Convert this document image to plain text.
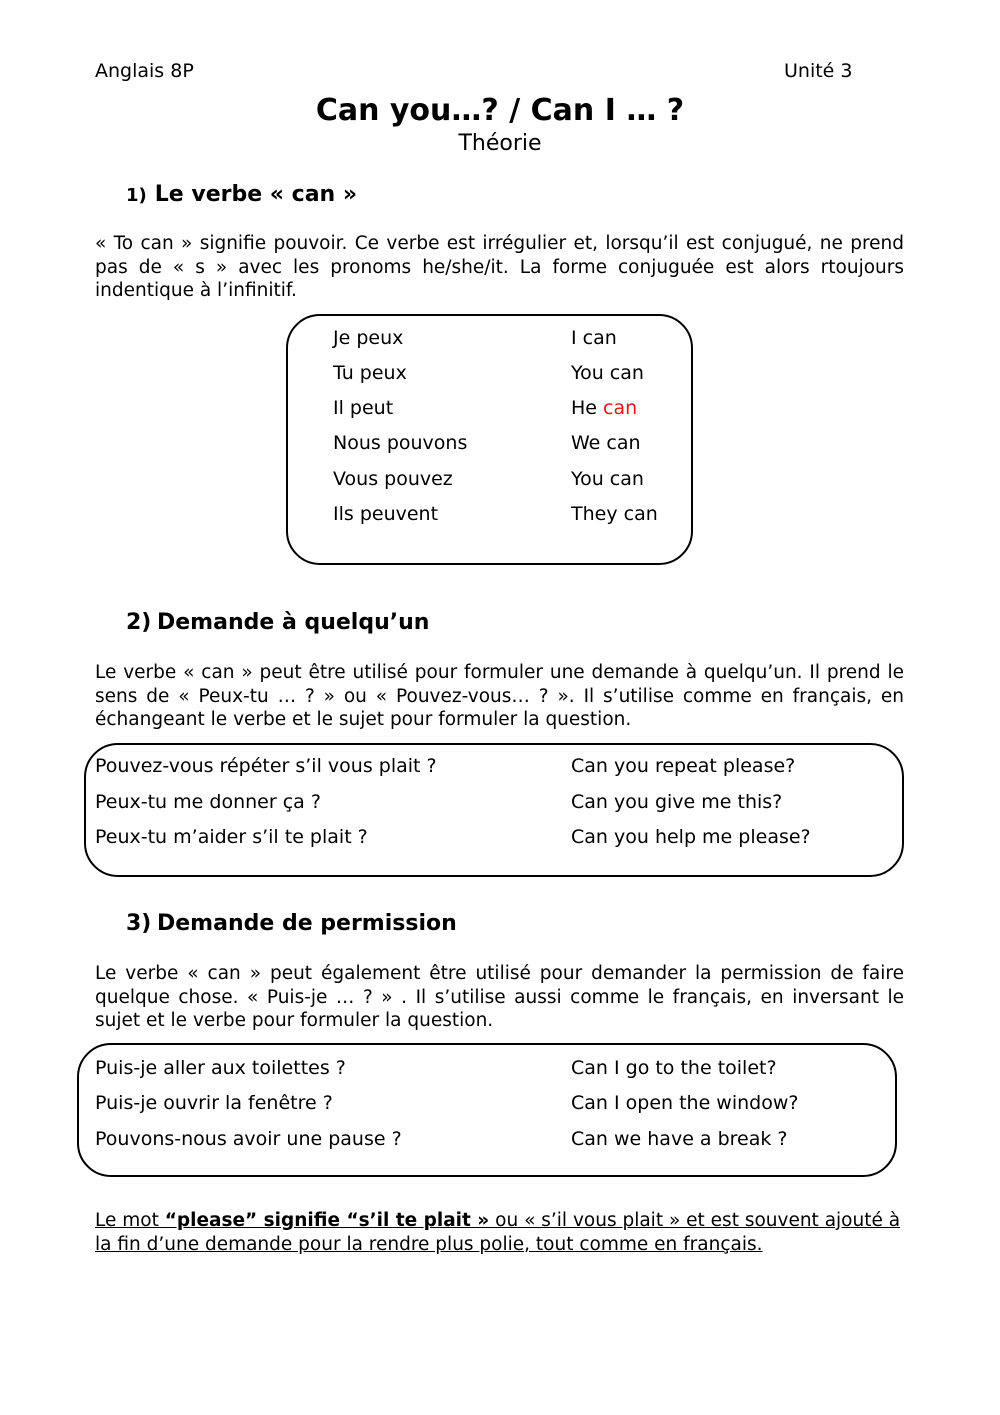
Anglais 8P	Unité 3
Can you…? / Can I … ?
Théorie
1) Le verbe « can »
« To can » signifie pouvoir. Ce verbe est irrégulier et, lorsqu’il est conjugué, ne prend pas de « s » avec les pronoms he/she/it. La forme conjuguée est alors rtoujours indentique à l’infinitif.
Je peux	I can
Tu peux	You can
Il peut	He can
Nous pouvons	We can
Vous pouvez	You can
Ils peuvent	They can
2) Demande à quelqu’un
Le verbe « can » peut être utilisé pour formuler une demande à quelqu’un. Il prend le sens de « Peux-tu … ? » ou « Pouvez-vous… ? ». Il s’utilise comme en français, en échangeant le verbe et le sujet pour formuler la question.
Pouvez-vous répéter s’il vous plait ?	Can you repeat please?
Peux-tu me donner ça ?	Can you give me this?
Peux-tu m’aider s’il te plait ?	Can you help me please?
3) Demande de permission
Le verbe « can » peut également être utilisé pour demander la permission de faire quelque chose. « Puis-je … ? » . Il s’utilise aussi comme le français, en inversant le sujet et le verbe pour formuler la question.
Puis-je aller aux toilettes ?	Can I go to the toilet?
Puis-je ouvrir la fenêtre ?	Can I open the window?
Pouvons-nous avoir une pause ?	Can we have a break ?
Le mot “please” signifie “s’il te plait » ou « s’il vous plait » et est souvent ajouté à la fin d’une demande pour la rendre plus polie, tout comme en français.
